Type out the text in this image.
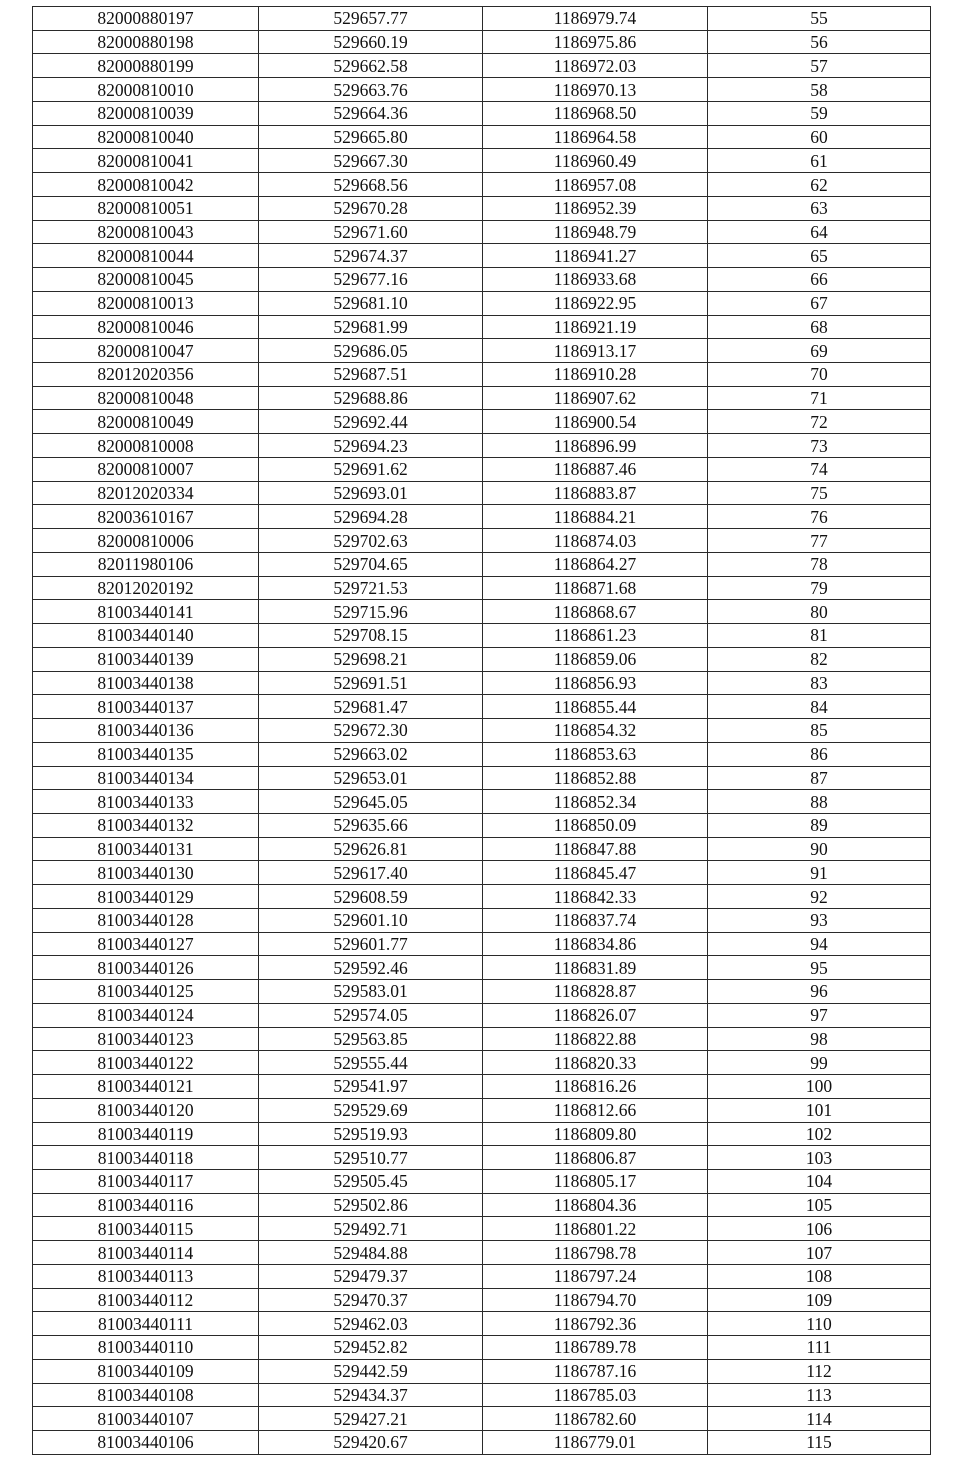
82000880197	529657.77	1186979.74	55
82000880198	529660.19	1186975.86	56
82000880199	529662.58	1186972.03	57
82000810010	529663.76	1186970.13	58
82000810039	529664.36	1186968.50	59
82000810040	529665.80	1186964.58	60
82000810041	529667.30	1186960.49	61
82000810042	529668.56	1186957.08	62
82000810051	529670.28	1186952.39	63
82000810043	529671.60	1186948.79	64
82000810044	529674.37	1186941.27	65
82000810045	529677.16	1186933.68	66
82000810013	529681.10	1186922.95	67
82000810046	529681.99	1186921.19	68
82000810047	529686.05	1186913.17	69
82012020356	529687.51	1186910.28	70
82000810048	529688.86	1186907.62	71
82000810049	529692.44	1186900.54	72
82000810008	529694.23	1186896.99	73
82000810007	529691.62	1186887.46	74
82012020334	529693.01	1186883.87	75
82003610167	529694.28	1186884.21	76
82000810006	529702.63	1186874.03	77
82011980106	529704.65	1186864.27	78
82012020192	529721.53	1186871.68	79
81003440141	529715.96	1186868.67	80
81003440140	529708.15	1186861.23	81
81003440139	529698.21	1186859.06	82
81003440138	529691.51	1186856.93	83
81003440137	529681.47	1186855.44	84
81003440136	529672.30	1186854.32	85
81003440135	529663.02	1186853.63	86
81003440134	529653.01	1186852.88	87
81003440133	529645.05	1186852.34	88
81003440132	529635.66	1186850.09	89
81003440131	529626.81	1186847.88	90
81003440130	529617.40	1186845.47	91
81003440129	529608.59	1186842.33	92
81003440128	529601.10	1186837.74	93
81003440127	529601.77	1186834.86	94
81003440126	529592.46	1186831.89	95
81003440125	529583.01	1186828.87	96
81003440124	529574.05	1186826.07	97
81003440123	529563.85	1186822.88	98
81003440122	529555.44	1186820.33	99
81003440121	529541.97	1186816.26	100
81003440120	529529.69	1186812.66	101
81003440119	529519.93	1186809.80	102
81003440118	529510.77	1186806.87	103
81003440117	529505.45	1186805.17	104
81003440116	529502.86	1186804.36	105
81003440115	529492.71	1186801.22	106
81003440114	529484.88	1186798.78	107
81003440113	529479.37	1186797.24	108
81003440112	529470.37	1186794.70	109
81003440111	529462.03	1186792.36	110
81003440110	529452.82	1186789.78	111
81003440109	529442.59	1186787.16	112
81003440108	529434.37	1186785.03	113
81003440107	529427.21	1186782.60	114
81003440106	529420.67	1186779.01	115
